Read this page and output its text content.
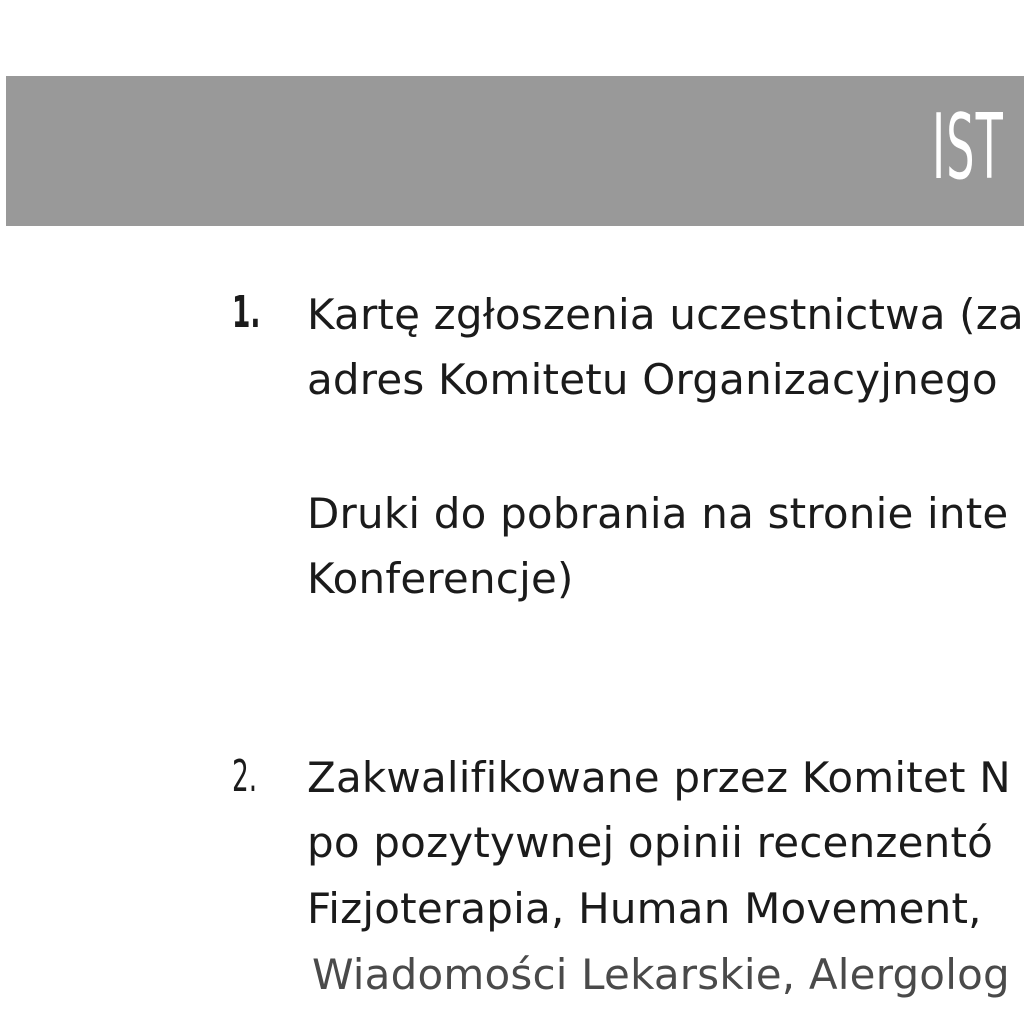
IST
1. Kartę zgłoszenia uczestnictwa (za
adres Komitetu Organizacyjnego
Druki do pobrania na stronie inte
Konferencje)
2. Zakwalifikowane przez Komitet N
po pozytywnej opinii recenzentó
Fizjoterapia, Human Movement,
Wiadomości Lekarskie, Alergolog
